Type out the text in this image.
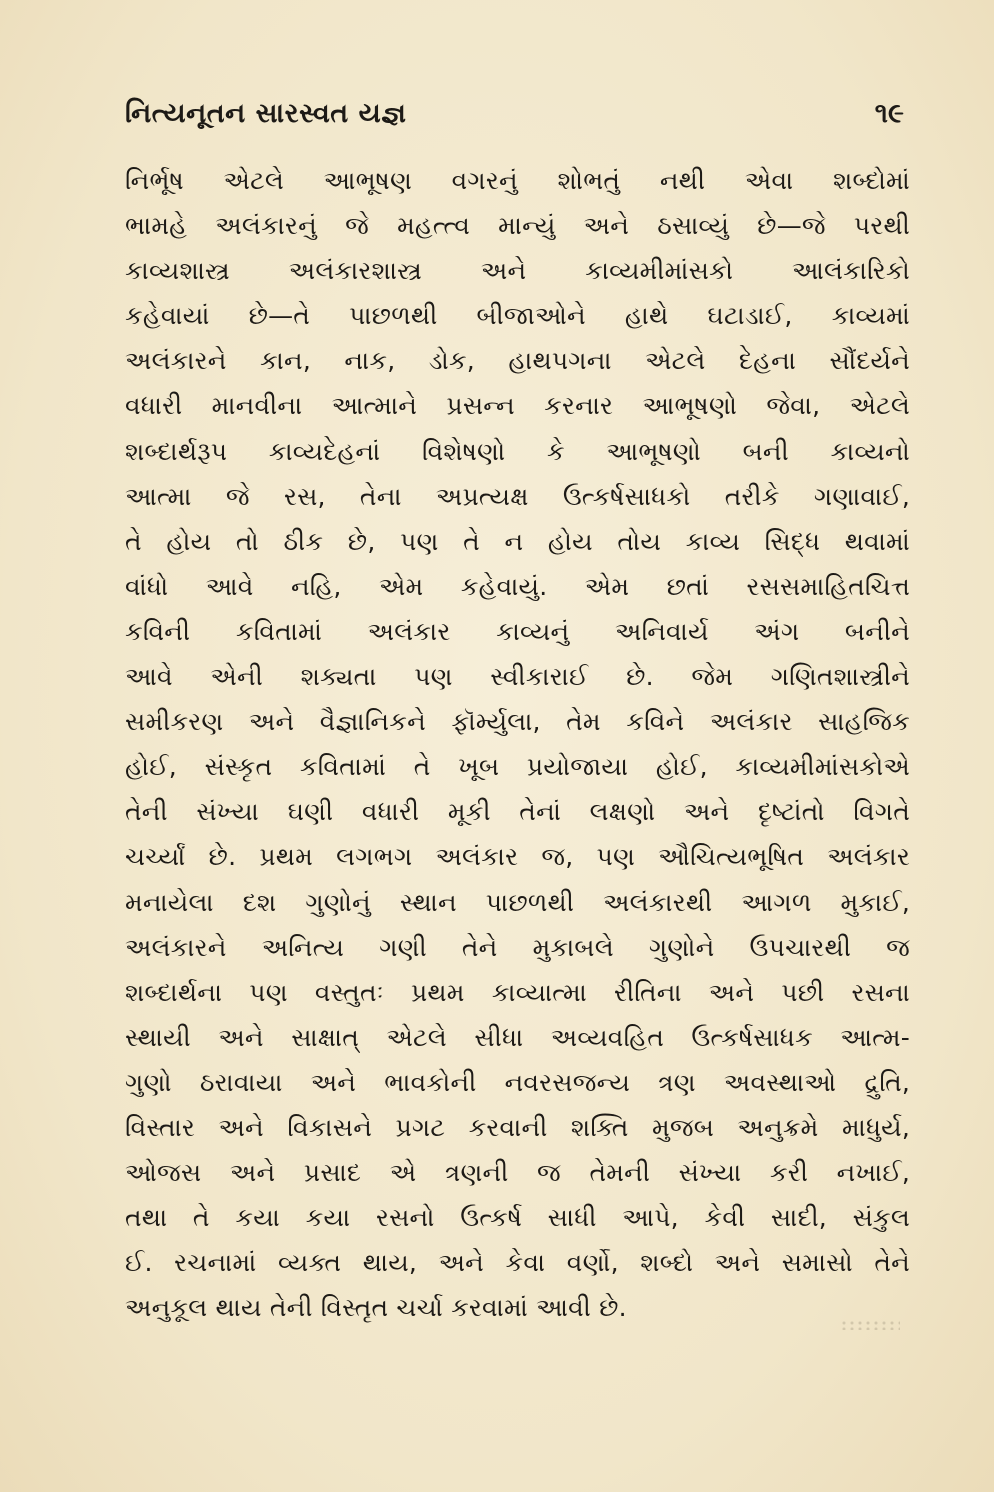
નિત્યનૂતન સારસ્વત યજ્ઞ	૧૯
નિર્ભૂષ એટલે આભૂષણ વગરનું શોભતું નથી એવા શબ્દોમાં
ભામહે અલંકારનું જે મહત્ત્વ માન્યું અને ઠસાવ્યું છે—જે પરથી
કાવ્યશાસ્ત્ર અલંકારશાસ્ત્ર અને કાવ્યમીમાંસકો આલંકારિકો
કહેવાયાં છે—તે પાછળથી બીજાઓને હાથે ઘટાડાઈ, કાવ્યમાં
અલંકારને કાન, નાક, ડોક, હાથપગના એટલે દેહના સૌંદર્યને
વધારી માનવીના આત્માને પ્રસન્ન કરનાર આભૂષણો જેવા, એટલે
શબ્દાર્થરૂપ કાવ્યદેહનાં વિશેષણો કે આભૂષણો બની કાવ્યનો
આત્મા જે રસ, તેના અપ્રત્યક્ષ ઉત્કર્ષસાધકો તરીકે ગણાવાઈ,
તે હોય તો ઠીક છે, પણ તે ન હોય તોય કાવ્ય સિદ્ધ થવામાં
વાંધો આવે નહિ, એમ કહેવાયું. એમ છતાં રસસમાહિતચિત્ત
કવિની કવિતામાં અલંકાર કાવ્યનું અનિવાર્ય અંગ બનીને
આવે એની શક્યતા પણ સ્વીકારાઈ છે. જેમ ગણિતશાસ્ત્રીને
સમીકરણ અને વૈજ્ઞાનિકને ફૉર્મ્યુલા, તેમ કવિને અલંકાર સાહજિક
હોઈ, સંસ્કૃત કવિતામાં તે ખૂબ પ્રયોજાયા હોઈ, કાવ્યમીમાંસકોએ
તેની સંખ્યા ઘણી વધારી મૂકી તેનાં લક્ષણો અને દૃષ્ટાંતો વિગતે
ચર્ચ્યાં છે. પ્રથમ લગભગ અલંકાર જ, પણ ઔચિત્યભૂષિત અલંકાર
મનાયેલા દશ ગુણોનું સ્થાન પાછળથી અલંકારથી આગળ મુકાઈ,
અલંકારને અનિત્ય ગણી તેને મુકાબલે ગુણોને ઉપચારથી જ
શબ્દાર્થના પણ વસ્તુતઃ પ્રથમ કાવ્યાત્મા રીતિના અને પછી રસના
સ્થાયી અને સાક્ષાત્ એટલે સીધા અવ્યવહિત ઉત્કર્ષસાધક આત્મ-
ગુણો ઠરાવાયા અને ભાવકોની નવરસજન્ય ત્રણ અવસ્થાઓ દ્રુતિ,
વિસ્તાર અને વિકાસને પ્રગટ કરવાની શક્તિ મુજબ અનુક્રમે માધુર્ય,
ઓજસ અને પ્રસાદ એ ત્રણની જ તેમની સંખ્યા કરી નખાઈ,
તથા તે કયા કયા રસનો ઉત્કર્ષ સાધી આપે, કેવી સાદી, સંકુલ
ઈ. રચનામાં વ્યક્ત થાય, અને કેવા વર્ણો, શબ્દો અને સમાસો તેને
અનુકૂલ થાય તેની વિસ્તૃત ચર્ચા કરવામાં આવી છે.
